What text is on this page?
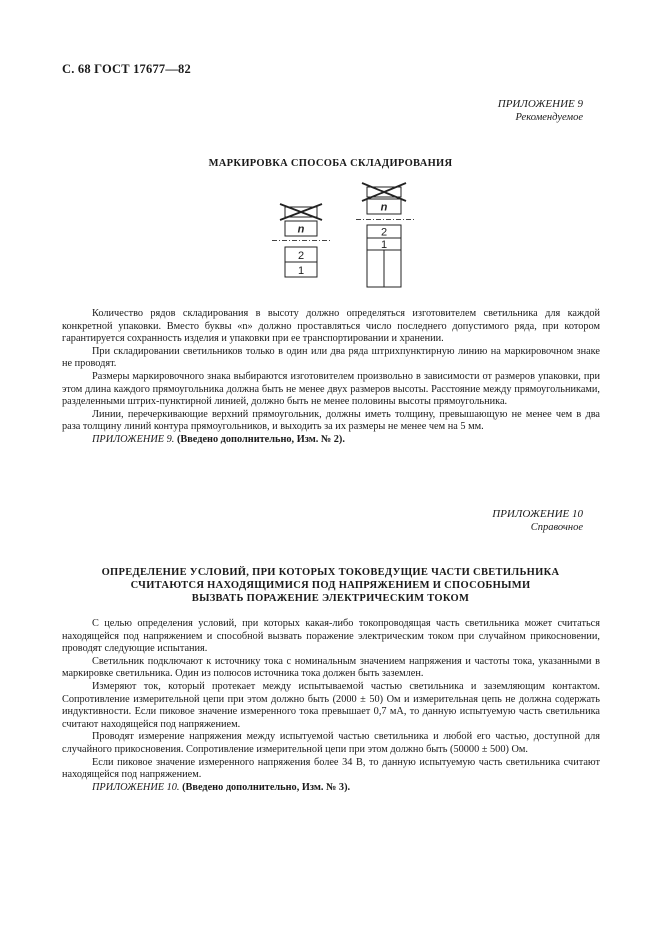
С. 68 ГОСТ 17677—82
ПРИЛОЖЕНИЕ 9
Рекомендуемое
МАРКИРОВКА СПОСОБА СКЛАДИРОВАНИЯ
n
2
1
n
2
1

Количество рядов складирования в высоту должно определяться изготовителем светильника для каждой конкретной упаковки. Вместо буквы «n» должно проставляться число последнего допустимого ряда, при котором гарантируется сохранность изделия и упаковки при ее транспортировании и хранении.

При складировании светильников только в один или два ряда штрихпунктирную линию на маркировочном знаке не проводят.

Размеры маркировочного знака выбираются изготовителем произвольно в зависимости от размеров упаковки, при этом длина каждого прямоугольника должна быть не менее двух размеров высоты. Расстояние между прямоугольниками, разделенными штрих-пунктирной линией, должно быть не менее половины высоты прямоугольника.

Линии, перечеркивающие верхний прямоугольник, должны иметь толщину, превышающую не менее чем в два раза толщину линий контура прямоугольников, и выходить за их размеры не менее чем на 5 мм.

ПРИЛОЖЕНИЕ 9. (Введено дополнительно, Изм. № 2).

ПРИЛОЖЕНИЕ 10
Справочное
ОПРЕДЕЛЕНИЕ УСЛОВИЙ, ПРИ КОТОРЫХ ТОКОВЕДУЩИЕ ЧАСТИ СВЕТИЛЬНИКА
СЧИТАЮТСЯ НАХОДЯЩИМИСЯ ПОД НАПРЯЖЕНИЕМ И СПОСОБНЫМИ
ВЫЗВАТЬ ПОРАЖЕНИЕ ЭЛЕКТРИЧЕСКИМ ТОКОМ

С целью определения условий, при которых какая-либо токопроводящая часть светильника может считаться находящейся под напряжением и способной вызвать поражение электрическим током при случайном прикосновении, проводят следующие испытания.

Светильник подключают к источнику тока с номинальным значением напряжения и частоты тока, указанными в маркировке светильника. Один из полюсов источника тока должен быть заземлен.

Измеряют ток, который протекает между испытываемой частью светильника и заземляющим контактом. Сопротивление измерительной цепи при этом должно быть (2000 ± 50) Ом и измерительная цепь не должна содержать индуктивности. Если пиковое значение измеренного тока превышает 0,7 мА, то данную испытуемую часть светильника считают находящейся под напряжением.

Проводят измерение напряжения между испытуемой частью светильника и любой его частью, доступной для случайного прикосновения. Сопротивление измерительной цепи при этом должно быть (50000 ± 500) Ом.

Если пиковое значение измеренного напряжения более 34 В, то данную испытуемую часть светильника считают находящейся под напряжением.

ПРИЛОЖЕНИЕ 10. (Введено дополнительно, Изм. № 3).
